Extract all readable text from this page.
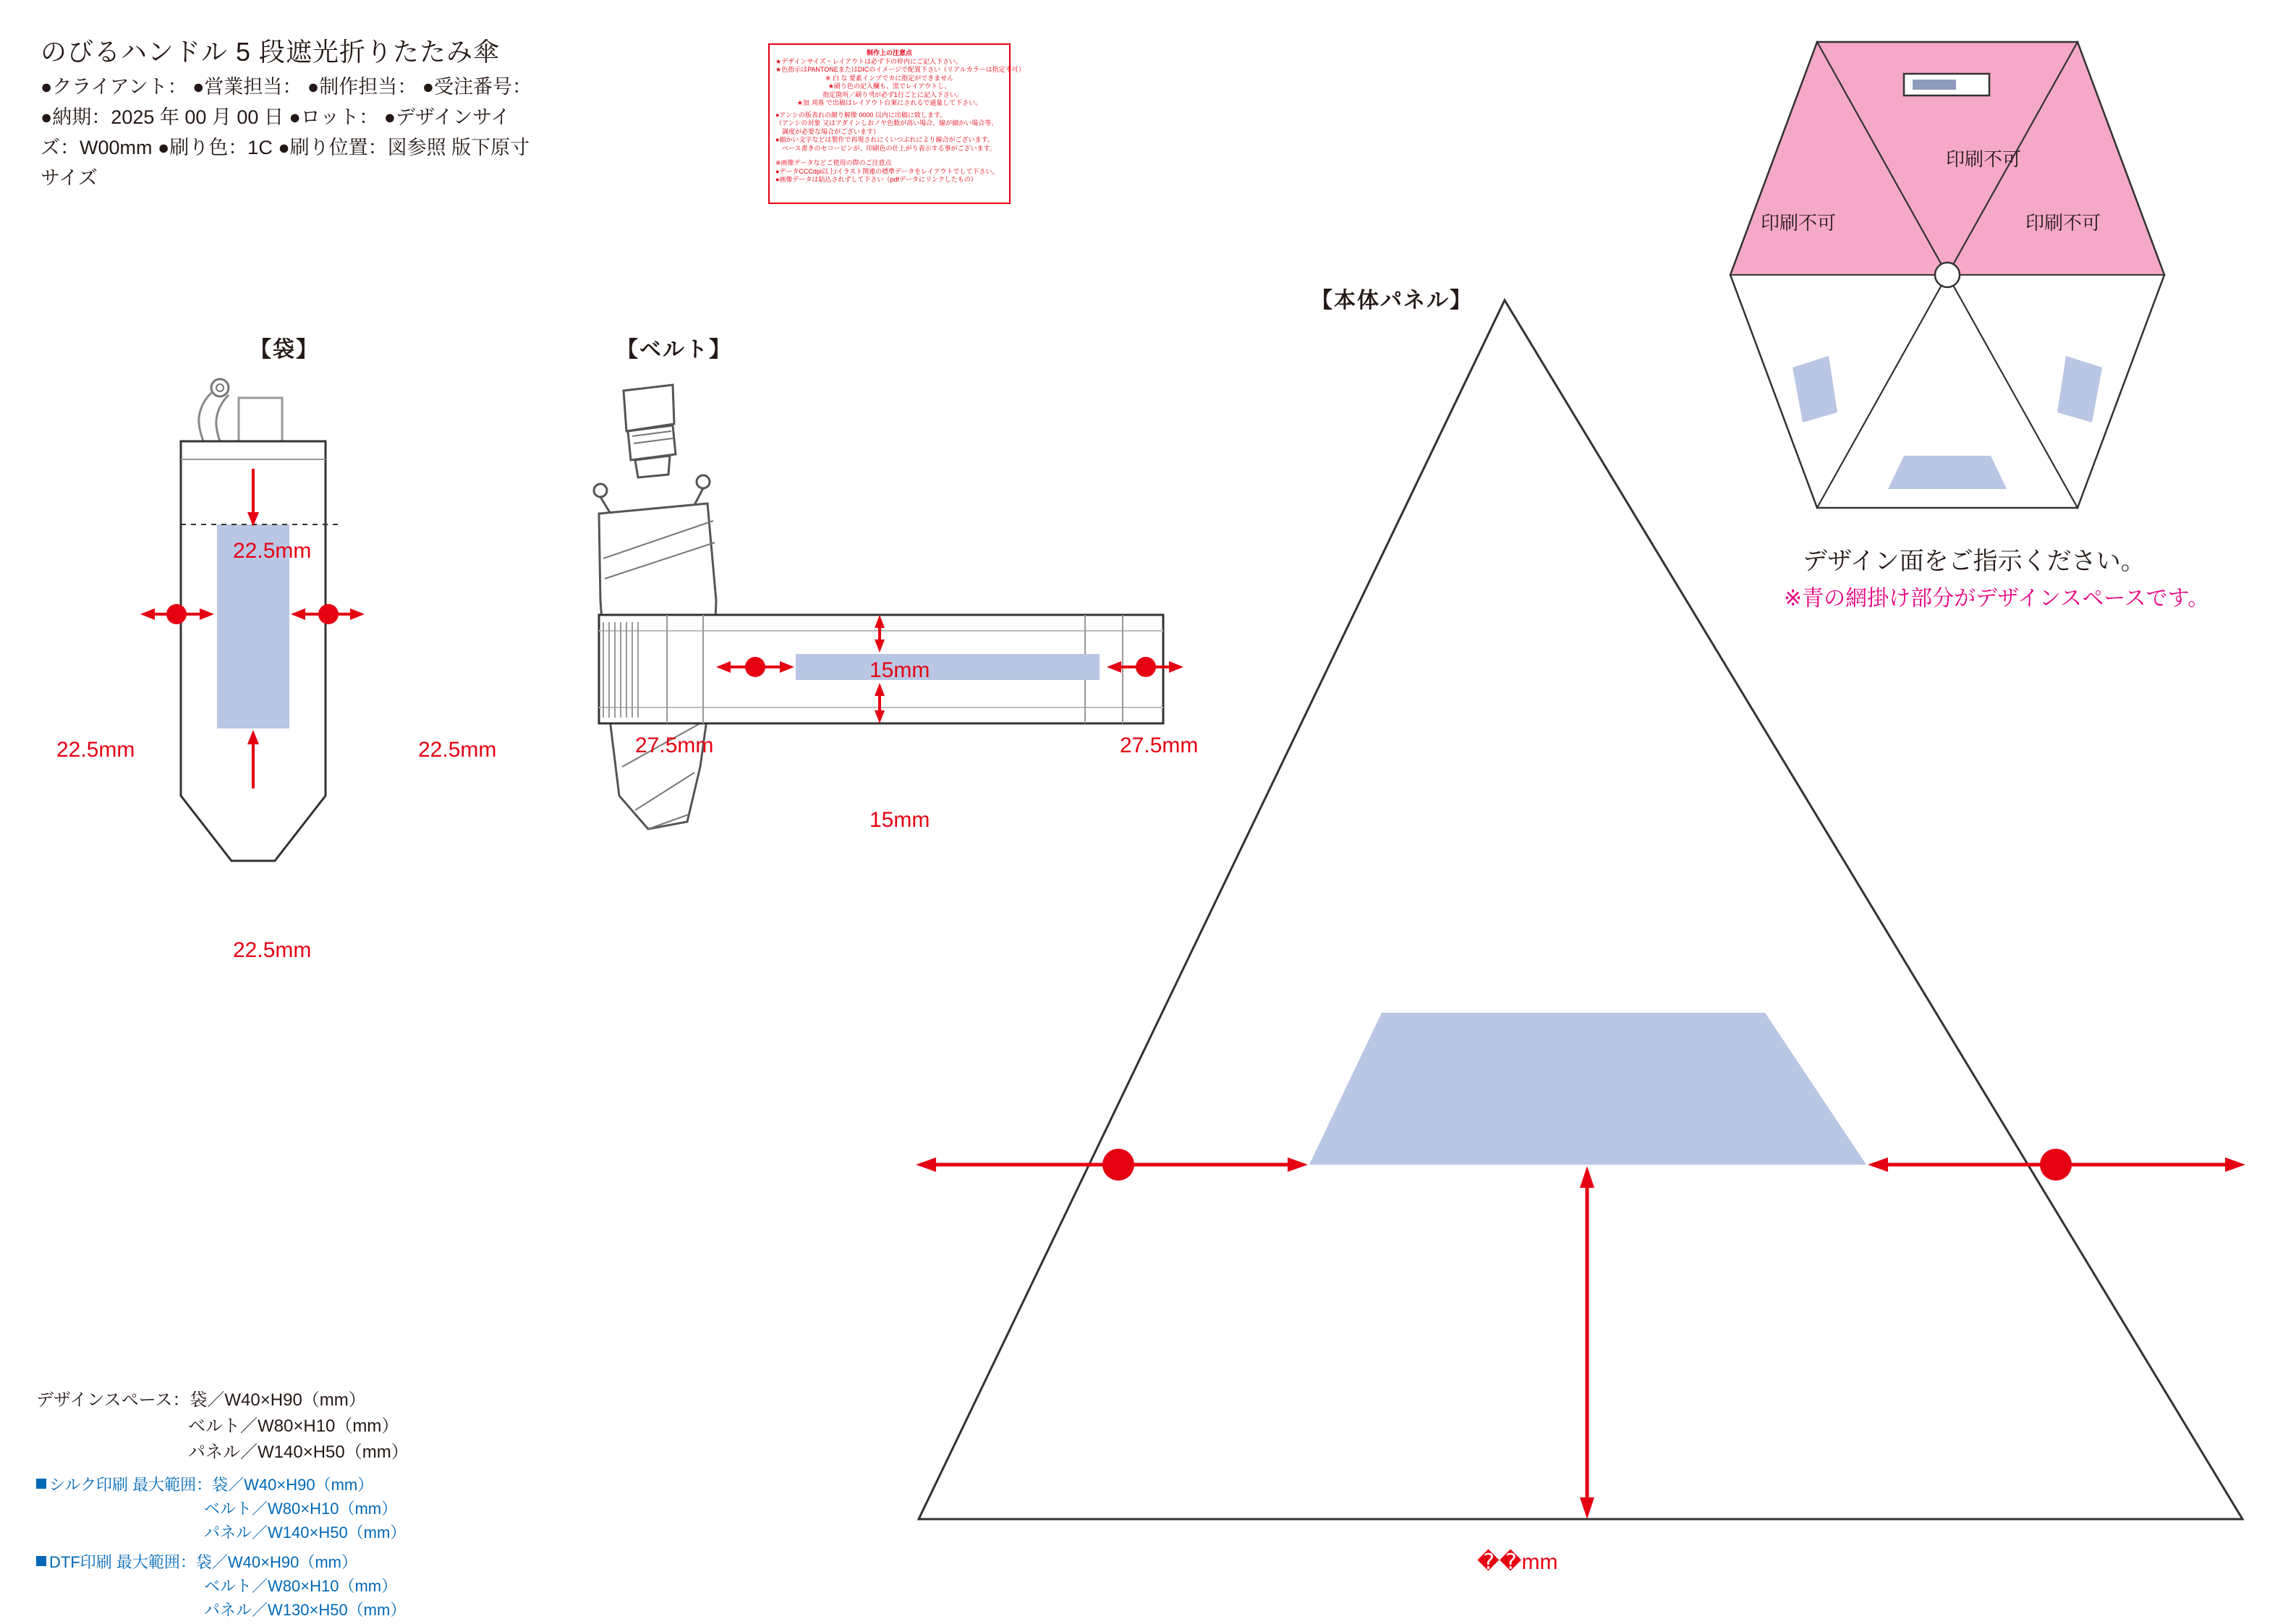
のびるハンドル 5 段遮光折りたたみ傘
●クライアント： ●営業担当： ●制作担当： ●受注番号：
●納期：2025 年 00 月 00 日 ●ロット： ●デザインサイ
ズ：W00mm ●刷り色：1C ●刷り位置：図参照 版下原寸
サイズ
制作上の注意点
★デザインサイズ・レイアウトは必ず下の枠内にご記入下さい。
★色指示はPANTONEまたはDICのイメージで配置下さい（リアルカラーは指定不可）
※ 白 な 要素インプでカに指定ができません
★刷り色の記入欄も、黒でレイアウトし、
　指定箇所／刷り색が必ず1行ごとに記入下さい。
★加 刈基 で出稿はレイアウト台案にされるで通量して下さい。
●アンシの版表れの顔り解像 0000 以内に出稿に致します。
（アンシの対象 又はアダインしおノヤ色数が高い場合、線が細かい場合等、
　調度が必要な場合がございます）
●細かい文字などは製作で再現されにくいつぶれにより線合がございます。
　ベース書きのセコーピンが、印刷色の仕上がり表示する事がございます。
※画像データなどご使用の際のご注意点
●データCCCdpi以上/イラスト関連の標準データをレイアウトでして下さい。
●画像データは貼込されずして下さい（pdfデータにリンクしたもの）
【袋】	【ベルト】
【本体パネル】
22.5mm
22.5mm	22.5mm
22.5mm
15mm
15mm
27.5mm	27.5mm
印刷不可
印刷不可	印刷不可
デザイン面をご指示ください。
※青の網掛け部分がデザインスペースです。
��mm
デザインスペース：袋／W40×H90（mm）
ベルト／W80×H10（mm）
パネル／W140×H50（mm）
シルク印刷 最大範囲：袋／W40×H90（mm）
ベルト／W80×H10（mm）
パネル／W140×H50（mm）
DTF印刷 最大範囲：袋／W40×H90（mm）
ベルト／W80×H10（mm）
パネル／W130×H50（mm）
